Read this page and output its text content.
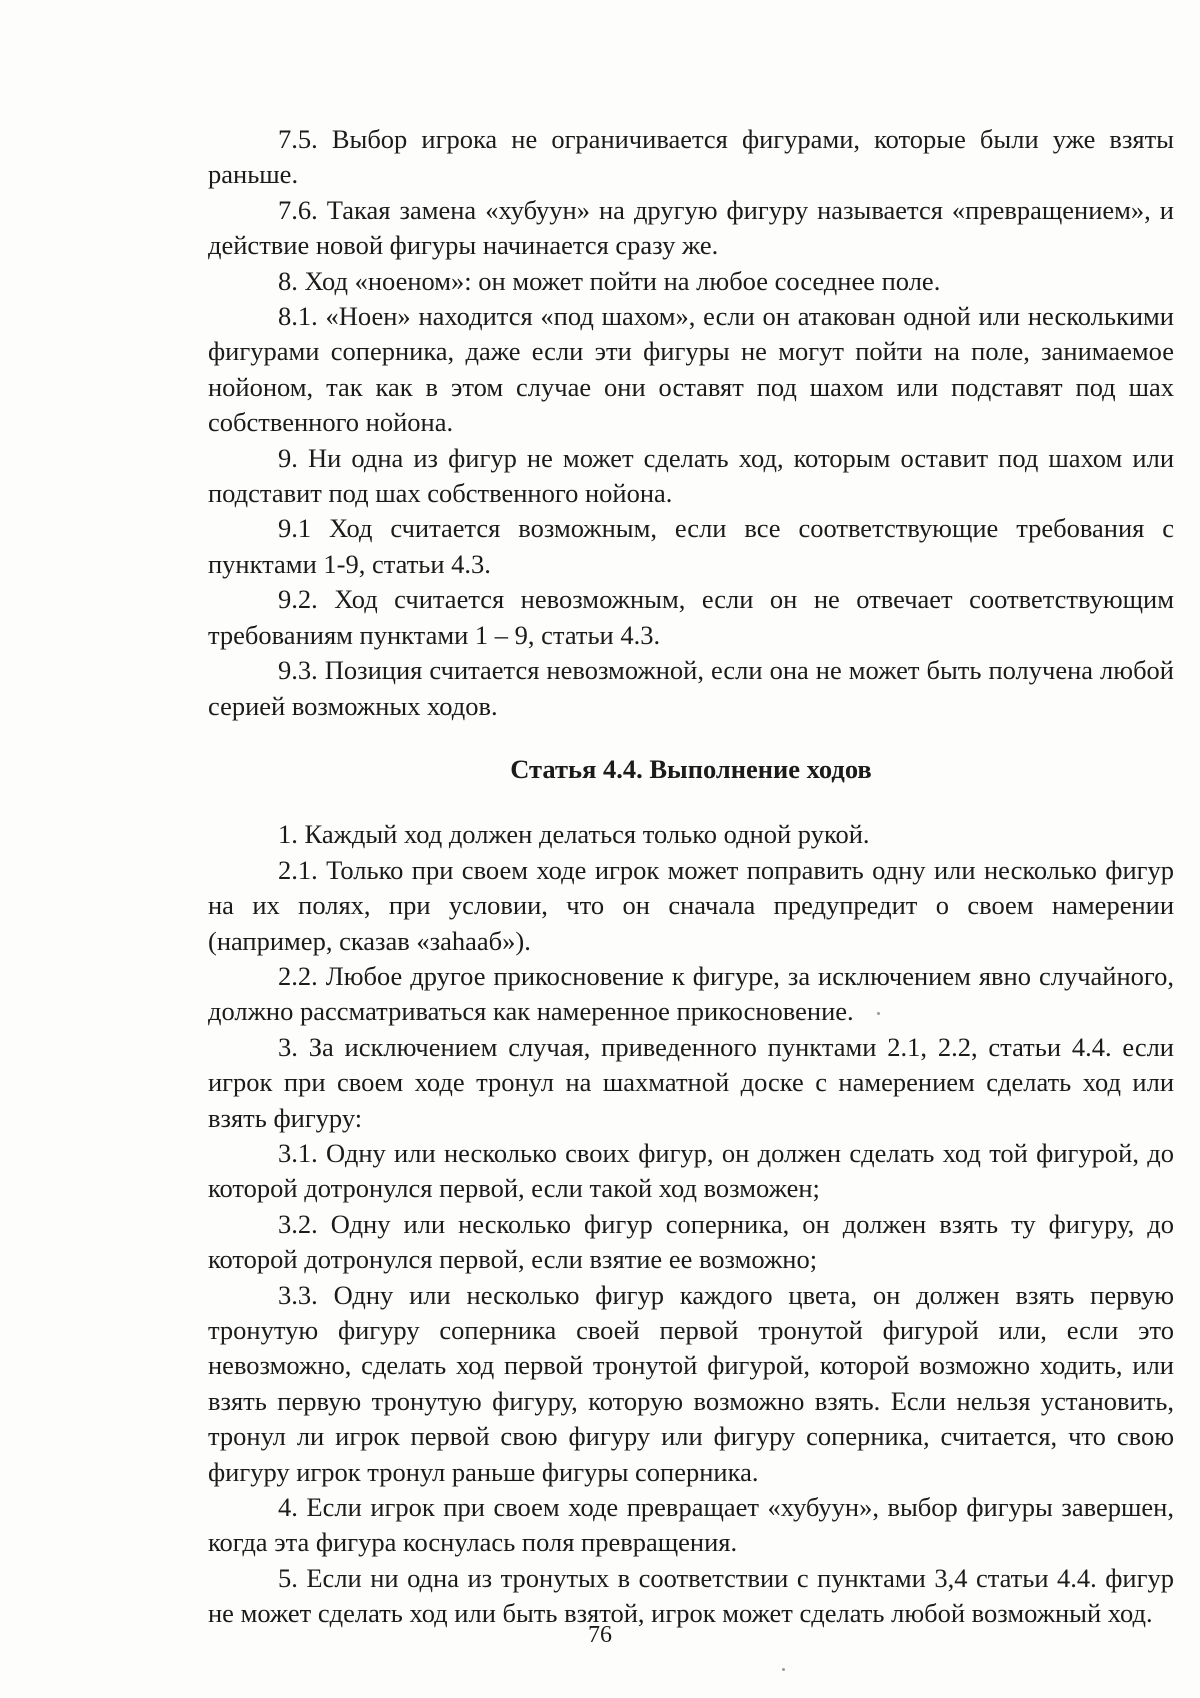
7.5. Выбор игрока не ограничивается фигурами, которые были уже взяты раньше.

7.6. Такая замена «хубуун» на другую фигуру называется «превращением», и действие новой фигуры начинается сразу же.

8. Ход «ноеном»: он может пойти на любое соседнее поле.

8.1. «Ноен» находится «под шахом», если он атакован одной или несколькими фигурами соперника, даже если эти фигуры не могут пойти на поле, занимаемое нойоном, так как в этом случае они оставят под шахом или подставят под шах собственного нойона.

9. Ни одна из фигур не может сделать ход, которым оставит под шахом или подставит под шах собственного нойона.

9.1 Ход считается возможным, если все соответствующие требования с пунктами 1-9, статьи 4.3.

9.2. Ход считается невозможным, если он не отвечает соответствующим требованиям пунктами 1 – 9, статьи 4.3.

9.3. Позиция считается невозможной, если она не может быть получена любой серией возможных ходов.

Статья 4.4. Выполнение ходов

1. Каждый ход должен делаться только одной рукой.

2.1. Только при своем ходе игрок может поправить одну или несколько фигур на их полях, при условии, что он сначала предупредит о своем намерении (например, сказав «заһааб»).

2.2. Любое другое прикосновение к фигуре, за исключением явно случайного, должно рассматриваться как намеренное прикосновение.

3. За исключением случая, приведенного пунктами 2.1, 2.2, статьи 4.4. если игрок при своем ходе тронул на шахматной доске с намерением сделать ход или взять фигуру:

3.1. Одну или несколько своих фигур, он должен сделать ход той фигурой, до которой дотронулся первой, если такой ход возможен;

3.2. Одну или несколько фигур соперника, он должен взять ту фигуру, до которой дотронулся первой, если взятие ее возможно;

3.3. Одну или несколько фигур каждого цвета, он должен взять первую тронутую фигуру соперника своей первой тронутой фигурой или, если это невозможно, сделать ход первой тронутой фигурой, которой возможно ходить, или взять первую тронутую фигуру, которую возможно взять. Если нельзя установить, тронул ли игрок первой свою фигуру или фигуру соперника, считается, что свою фигуру игрок тронул раньше фигуры соперника.

4. Если игрок при своем ходе превращает «хубуун», выбор фигуры завершен, когда эта фигура коснулась поля превращения.

5. Если ни одна из тронутых в соответствии с пунктами 3,4 статьи 4.4. фигур не может сделать ход или быть взятой, игрок может сделать любой возможный ход.

76
